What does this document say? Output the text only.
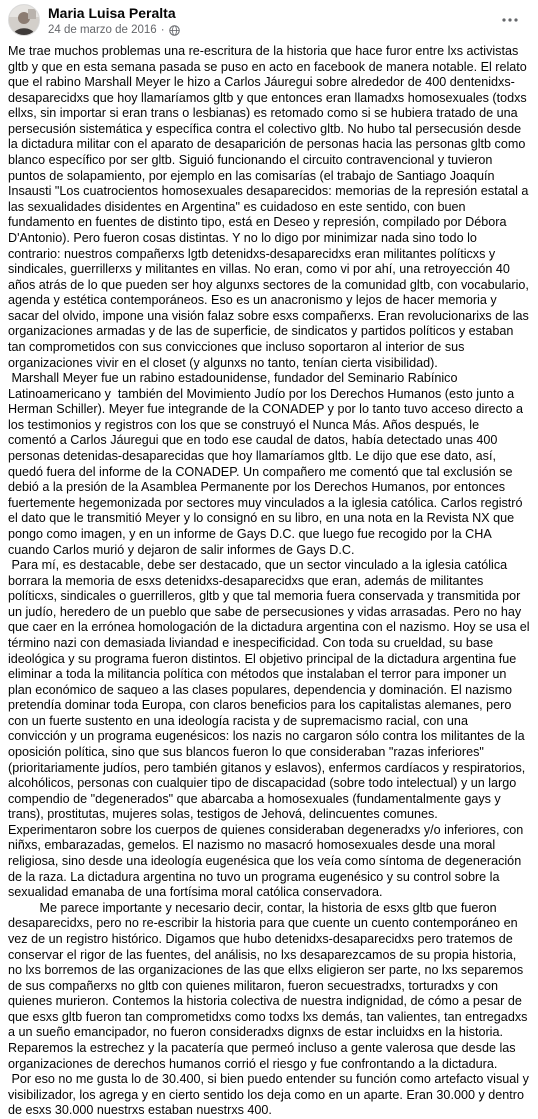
Maria Luisa Peralta
24 de marzo de 2016 ·

Me trae muchos problemas una re-escritura de la historia que hace furor entre lxs activistas gltb y que en esta semana pasada se puso en acto en facebook de manera notable. El relato que el rabino Marshall Meyer le hizo a Carlos Jáuregui sobre alrededor de 400 dentenidxs-desaparecidxs que hoy llamaríamos gltb y que entonces eran llamadxs homosexuales (todxs ellxs, sin importar si eran trans o lesbianas) es retomado como si se hubiera tratado de una persecusión sistemática y específica contra el colectivo gltb. No hubo tal persecusión desde la dictadura militar con el aparato de desaparición de personas hacia las personas gltb como blanco específico por ser gltb. Siguió funcionando el circuito contravencional y tuvieron puntos de solapamiento, por ejemplo en las comisarías (el trabajo de Santiago Joaquín Insausti "Los cuatrocientos homosexuales desaparecidos: memorias de la represión estatal a las sexualidades disidentes en Argentina" es cuidadoso en este sentido, con buen fundamento en fuentes de distinto tipo, está en Deseo y represión, compilado por Débora D'Antonio). Pero fueron cosas distintas. Y no lo digo por minimizar nada sino todo lo contrario: nuestros compañerxs lgtb detenidxs-desaparecidxs eran militantes políticxs y sindicales, guerrillerxs y militantes en villas. No eran, como vi por ahí, una retroyección 40 años atrás de lo que pueden ser hoy algunxs sectores de la comunidad gltb, con vocabulario, agenda y estética contemporáneos. Eso es un anacronismo y lejos de hacer memoria y sacar del olvido, impone una visión falaz sobre esxs compañerxs. Eran revolucionarixs de las organizaciones armadas y de las de superficie, de sindicatos y partidos políticos y estaban tan comprometidos con sus convicciones que incluso soportaron al interior de sus organizaciones vivir en el closet (y algunxs no tanto, tenían cierta visibilidad).

Marshall Meyer fue un rabino estadounidense, fundador del Seminario Rabínico Latinoamericano y  también del Movimiento Judío por los Derechos Humanos (esto junto a Herman Schiller). Meyer fue integrande de la CONADEP y por lo tanto tuvo acceso directo a los testimonios y registros con los que se construyó el Nunca Más. Años después, le comentó a Carlos Jáuregui que en todo ese caudal de datos, había detectado unas 400 personas detenidas-desaparecidas que hoy llamaríamos gltb. Le dijo que ese dato, así, quedó fuera del informe de la CONADEP. Un compañero me comentó que tal exclusión se debió a la presión de la Asamblea Permanente por los Derechos Humanos, por entonces fuertemente hegemonizada por sectores muy vinculados a la iglesia católica. Carlos registró el dato que le transmitió Meyer y lo consignó en su libro, en una nota en la Revista NX que pongo como imagen, y en un informe de Gays D.C. que luego fue recogido por la CHA cuando Carlos murió y dejaron de salir informes de Gays D.C.

Para mí, es destacable, debe ser destacado, que un sector vinculado a la iglesia católica borrara la memoria de esxs detenidxs-desaparecidxs que eran, además de militantes políticxs, sindicales o guerrilleros, gltb y que tal memoria fuera conservada y transmitida por un judío, heredero de un pueblo que sabe de persecusiones y vidas arrasadas. Pero no hay que caer en la errónea homologación de la dictadura argentina con el nazismo. Hoy se usa el término nazi con demasiada liviandad e inespecificidad. Con toda su crueldad, su base ideológica y su programa fueron distintos. El objetivo principal de la dictadura argentina fue eliminar a toda la militancia política con métodos que instalaban el terror para imponer un plan económico de saqueo a las clases populares, dependencia y dominación. El nazismo pretendía dominar toda Europa, con claros beneficios para los capitalistas alemanes, pero con un fuerte sustento en una ideología racista y de supremacismo racial, con una convicción y un programa eugenésicos: los nazis no cargaron sólo contra los militantes de la oposición política, sino que sus blancos fueron lo que consideraban "razas inferiores" (prioritariamente judíos, pero también gitanos y eslavos), enfermos cardíacos y respiratorios, alcohólicos, personas con cualquier tipo de discapacidad (sobre todo intelectual) y un largo compendio de "degenerados" que abarcaba a homosexuales (fundamentalmente gays y trans), prostitutas, mujeres solas, testigos de Jehová, delincuentes comunes. Experimentaron sobre los cuerpos de quienes consideraban degeneradxs y/o inferiores, con niñxs, embarazadas, gemelos. El nazismo no masacró homosexuales desde una moral religiosa, sino desde una ideología eugenésica que los veía como síntoma de degeneración de la raza. La dictadura argentina no tuvo un programa eugenésico y su control sobre la sexualidad emanaba de una fortísima moral católica conservadora.

Me parece importante y necesario decir, contar, la historia de esxs gltb que fueron desaparecidxs, pero no re-escribir la historia para que cuente un cuento contemporáneo en vez de un registro histórico. Digamos que hubo detenidxs-desaparecidxs pero tratemos de conservar el rigor de las fuentes, del análisis, no lxs desaparezcamos de su propia historia, no lxs borremos de las organizaciones de las que ellxs eligieron ser parte, no lxs separemos de sus compañerxs no gltb con quienes militaron, fueron secuestradxs, torturadxs y con quienes murieron. Contemos la historia colectiva de nuestra indignidad, de cómo a pesar de que esxs gltb fueron tan comprometidxs como todxs lxs demás, tan valientes, tan entregadxs a un sueño emancipador, no fueron consideradxs dignxs de estar incluidxs en la historia. Reparemos la estrechez y la pacatería que permeó incluso a gente valerosa que desde las organizaciones de derechos humanos corrió el riesgo y fue confrontando a la dictadura.

Por eso no me gusta lo de 30.400, si bien puedo entender su función como artefacto visual y visibilizador, los agrega y en cierto sentido los deja como en un aparte. Eran 30.000 y dentro de esxs 30.000 nuestrxs estaban nuestrxs 400.
